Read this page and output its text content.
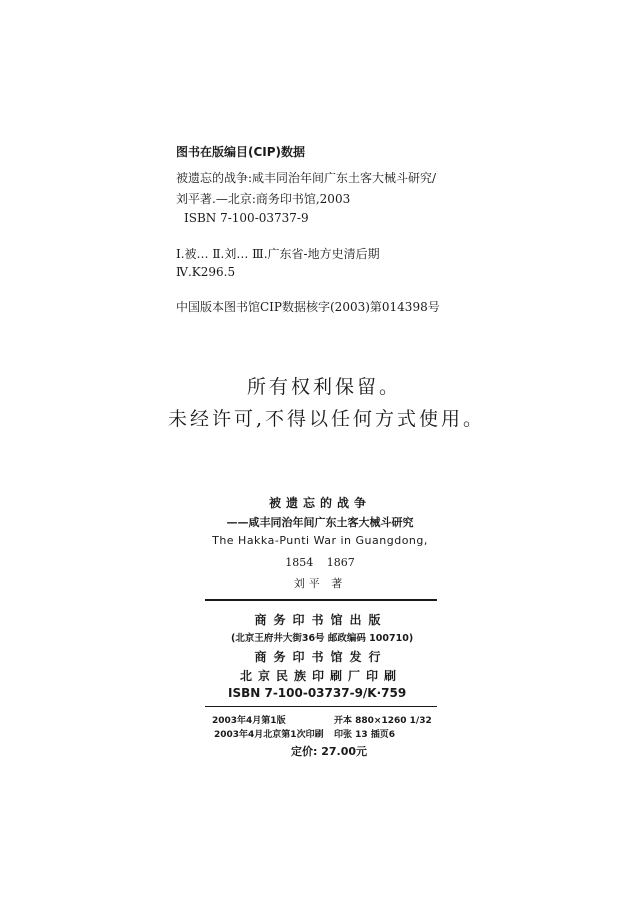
图书在版编目(CIP)数据
被遗忘的战争:咸丰同治年间广东土客大械斗研究/
刘平著.—北京:商务印书馆,2003
ISBN 7-100-03737-9
Ⅰ.被… Ⅱ.刘… Ⅲ.广东省-地方史清后期
Ⅳ.K296.5
中国版本图书馆CIP数据核字(2003)第014398号
所有权利保留。
未经许可,不得以任何方式使用。
被遗忘的战争
——咸丰同治年间广东土客大械斗研究
The Hakka-Punti War in Guangdong,
1854 1867
刘平 著
商务印书馆出版
(北京王府井大街36号 邮政编码 100710)
商务印书馆发行
北京民族印刷厂印刷
ISBN 7-100-03737-9/K·759
2003年4月第1版
2003年4月北京第1次印刷
开本 880×1260 1/32
印张 13 插页6
定价: 27.00元
